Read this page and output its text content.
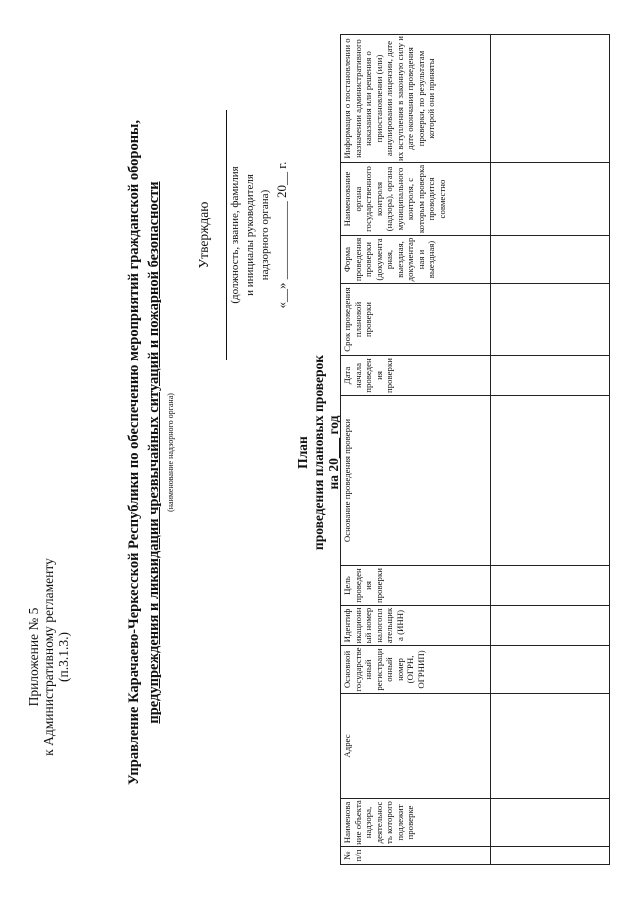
Приложение № 5 к Административному регламенту (п.3.1.3.)	Управление Карачаево-Черкесской Республики по обеспечению мероприятий гражданской обороны, предупреждения и ликвидации чрезвычайных ситуаций и пожарной безопасности (наименование надзорного органа)
Утверждаю (должность, звание, фамилия и инициалы руководителя надзорного органа) «__» ____________ 20__ г.
План проведения плановых проверок на 20___ год
№ п/п	Наименование объекта надзора, деятельность которого подлежит проверке	Адрес	Основной государственный регистрационный номер (ОГРН, ОГРНИП)	Идентификационный номер налогоплательщика (ИНН)	Цель проведения проверки	Основание проведения проверки	Дата начала проведения проверки	Срок проведения плановой проверки	Форма проведения проверки (документарная, выездная, документарная и выездная)	Наименование органа государственного контроля (надзора), органа муниципального контроля, с которым проверка проводится совместно	Информация о постановлении о назначении административного наказания или решения о приостановлении (или) аннулировании лицензии, дате их вступления в законную силу и дате окончания проведения проверки, по результатам которой они приняты
